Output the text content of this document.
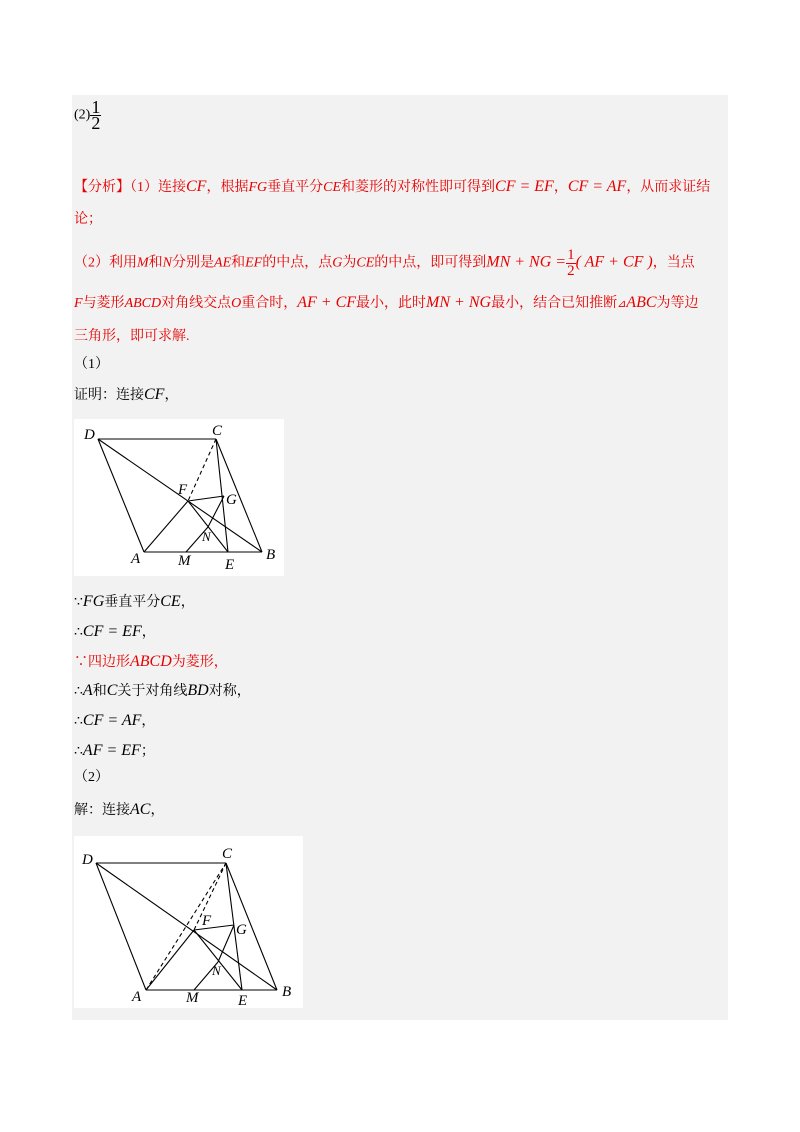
$(2) \frac{1}{2}$
【分析】（1）连接CF，根据FG垂直平分CE和菱形的对称性即可得到CF = EF，CF = AF，从而求证结
论；
（2）利用M和N分别是AE和EF的中点，点G为CE的中点，即可得到MN + NG = $\frac{1}{2}$ ( AF + CF )，当点
F与菱形ABCD对角线交点O重合时，AF + CF最小，此时MN + NG最小，结合已知推断⊿ABC为等边
三角形，即可求解.
（1）
证明：连接CF，
D	C
F
G
N
A	M E
B
∵FG垂直平分CE，
∴CF = EF，
∵四边形ABCD为菱形，
∴A和C关于对角线BD对称，
∴CF = AF，
∴AF = EF；
（2）
解：连接AC，
D	C
F
G
N
A	M	E
B
